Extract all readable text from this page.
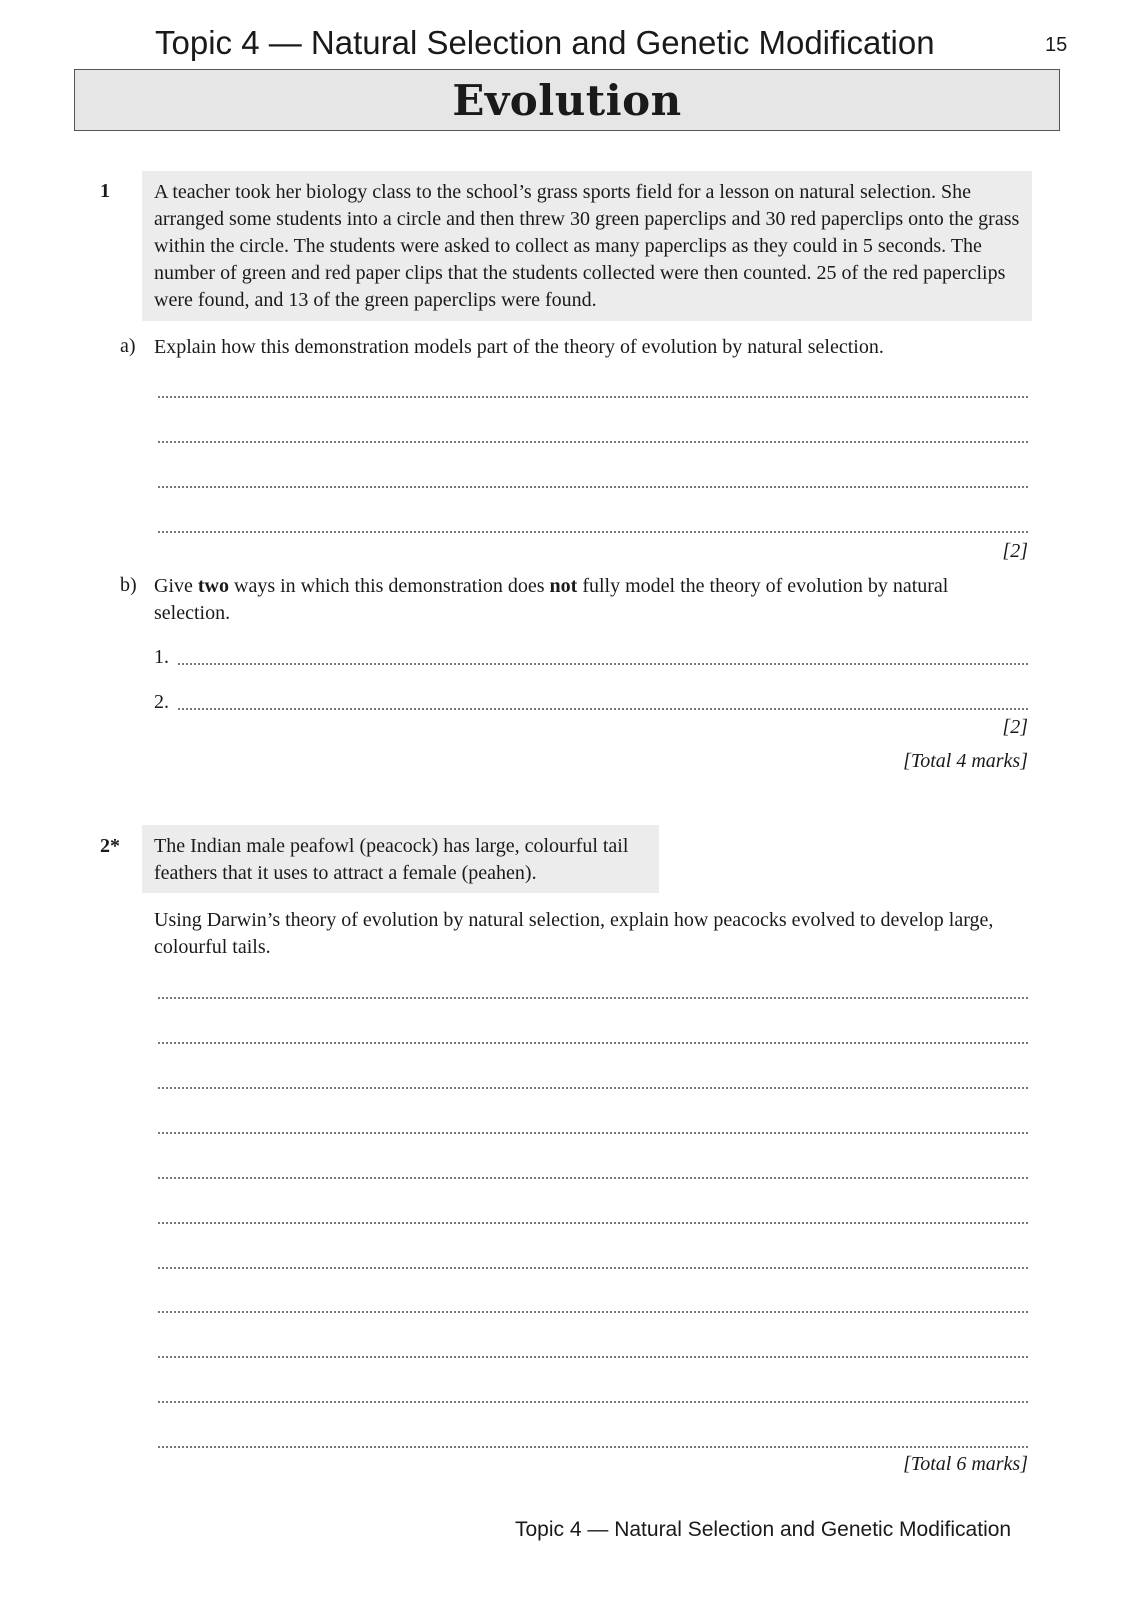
Topic 4 — Natural Selection and Genetic Modification	15
Evolution
1 A teacher took her biology class to the school’s grass sports field for a lesson on natural selection. She arranged some students into a circle and then threw 30 green paperclips and 30 red paperclips onto the grass within the circle. The students were asked to collect as many paperclips as they could in 5 seconds. The number of green and red paper clips that the students collected were then counted. 25 of the red paperclips were found, and 13 of the green paperclips were found.

a) Explain how this demonstration models part of the theory of evolution by natural selection.
[2]
b) Give two ways in which this demonstration does not fully model the theory of evolution by natural selection.
1.
2.
[2]
[Total 4 marks]
2* The Indian male peafowl (peacock) has large, colourful tail feathers that it uses to attract a female (peahen).

Using Darwin’s theory of evolution by natural selection, explain how peacocks evolved to develop large, colourful tails.
[Total 6 marks]
Topic 4 — Natural Selection and Genetic Modification
